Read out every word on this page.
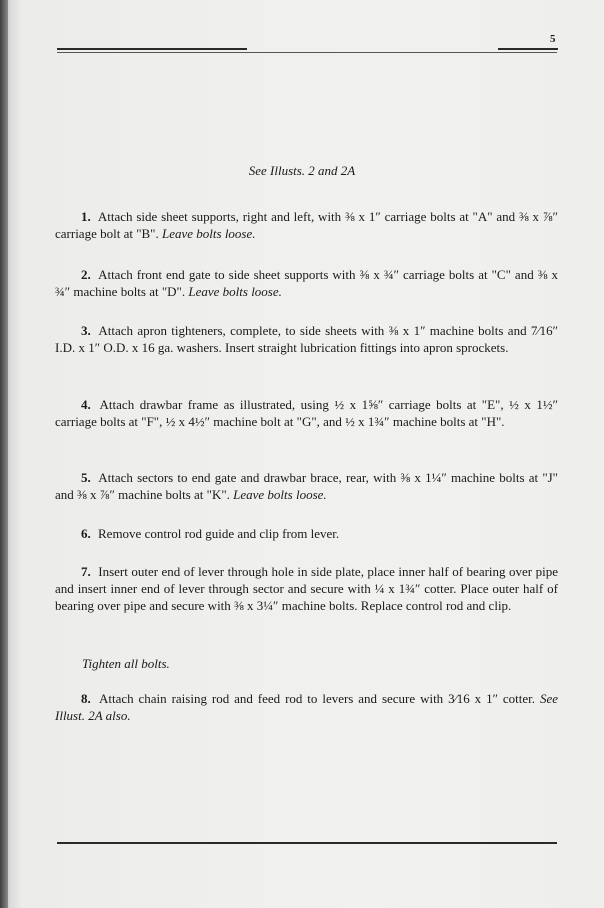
5
See Illusts. 2 and 2A

1. Attach side sheet supports, right and left, with ⅜ x 1″ carriage bolts at "A" and ⅜ x ⅞″ carriage bolt at "B". Leave bolts loose.

2. Attach front end gate to side sheet supports with ⅜ x ¾″ carriage bolts at "C" and ⅜ x ¾″ machine bolts at "D". Leave bolts loose.

3. Attach apron tighteners, complete, to side sheets with ⅜ x 1″ machine bolts and 7⁄16″ I.D. x 1″ O.D. x 16 ga. washers. Insert straight lubrication fittings into apron sprockets.

4. Attach drawbar frame as illustrated, using ½ x 1⅝″ carriage bolts at "E", ½ x 1½″ carriage bolts at "F", ½ x 4½″ machine bolt at "G", and ½ x 1¾″ machine bolts at "H".

5. Attach sectors to end gate and drawbar brace, rear, with ⅜ x 1¼″ machine bolts at "J" and ⅜ x ⅞″ machine bolts at "K". Leave bolts loose.

6. Remove control rod guide and clip from lever.

7. Insert outer end of lever through hole in side plate, place inner half of bearing over pipe and insert inner end of lever through sector and secure with ¼ x 1¾″ cotter. Place outer half of bearing over pipe and secure with ⅜ x 3¼″ machine bolts. Replace control rod and clip.

Tighten all bolts.

8. Attach chain raising rod and feed rod to levers and secure with 3⁄16 x 1″ cotter. See Illust. 2A also.
